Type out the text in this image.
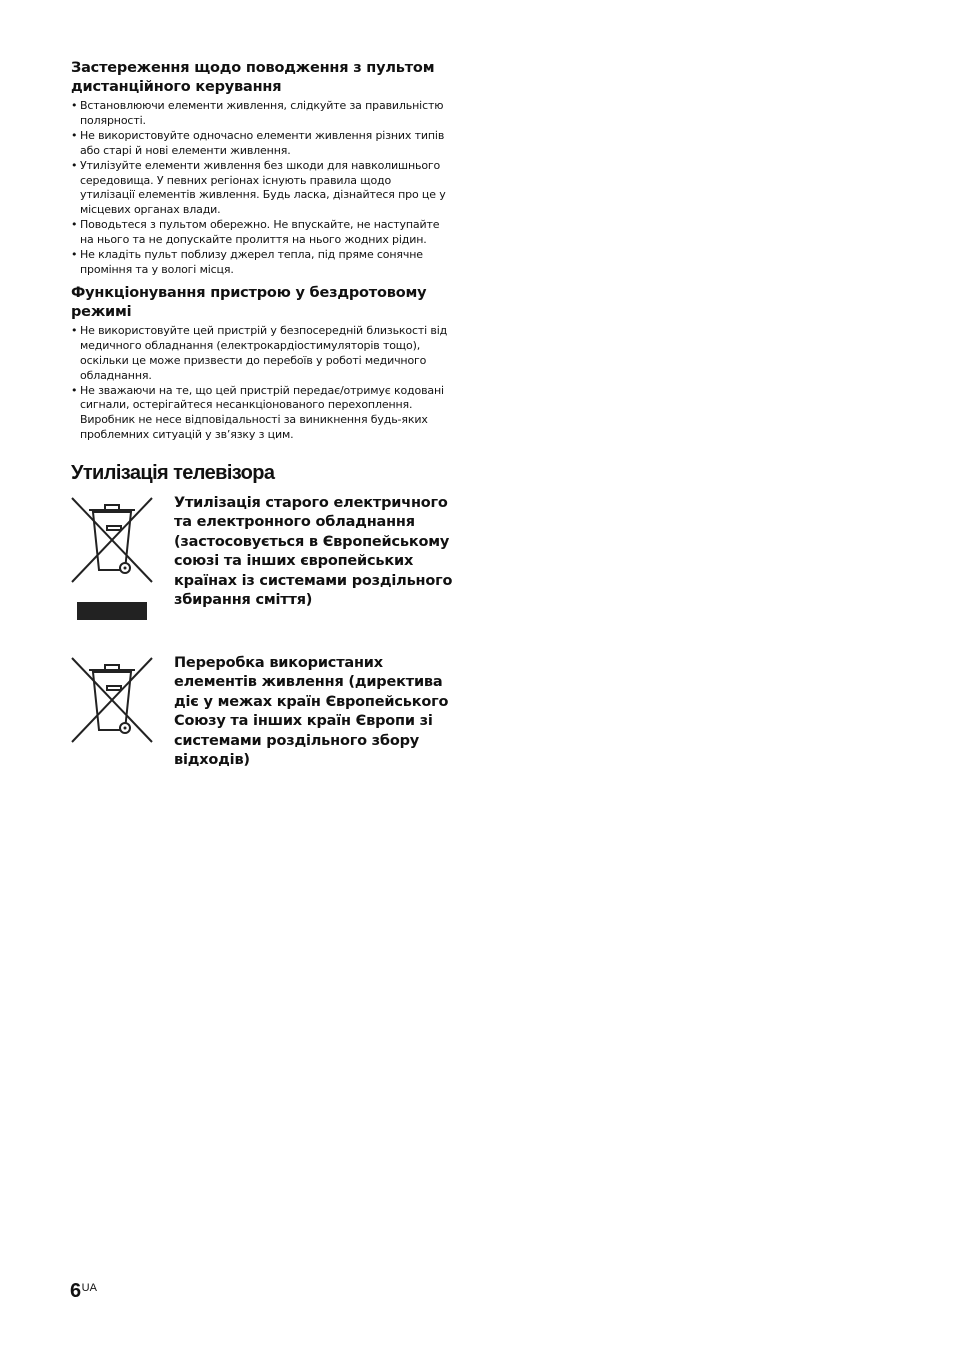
Застереження щодо поводження з пультом дистанційного керування
• Встановлюючи елементи живлення, слідкуйте за правильністю полярності.
• Не використовуйте одночасно елементи живлення різних типів або старі й нові елементи живлення.
• Утилізуйте елементи живлення без шкоди для навколишнього середовища. У певних регіонах існують правила щодо утилізації елементів живлення. Будь ласка, дізнайтеся про це у місцевих органах влади.
• Поводьтеся з пультом обережно. Не впускайте, не наступайте на нього та не допускайте пролиття на нього жодних рідин.
• Не кладіть пульт поблизу джерел тепла, під пряме сонячне проміння та у вологі місця.
Функціонування пристрою у бездротовому режимі
• Не використовуйте цей пристрій у безпосередній близькості від медичного обладнання (електрокардіостимуляторів тощо), оскільки це може призвести до перебоїв у роботі медичного обладнання.
• Не зважаючи на те, що цей пристрій передає/отримує кодовані сигнали, остерігайтеся несанкціонованого перехоплення. Виробник не несе відповідальності за виникнення будь-яких проблемних ситуацій у зв’язку з цим.
Утилізація телевізора
Утилізація старого електричного та електронного обладнання (застосовується в Європейському союзі та інших європейських країнах із системами роздільного збирання сміття)
Переробка використаних елементів живлення (директива діє у межах країн Європейського Союзу та інших країн Європи зі системами роздільного збору відходів)
$6^{UA}$
